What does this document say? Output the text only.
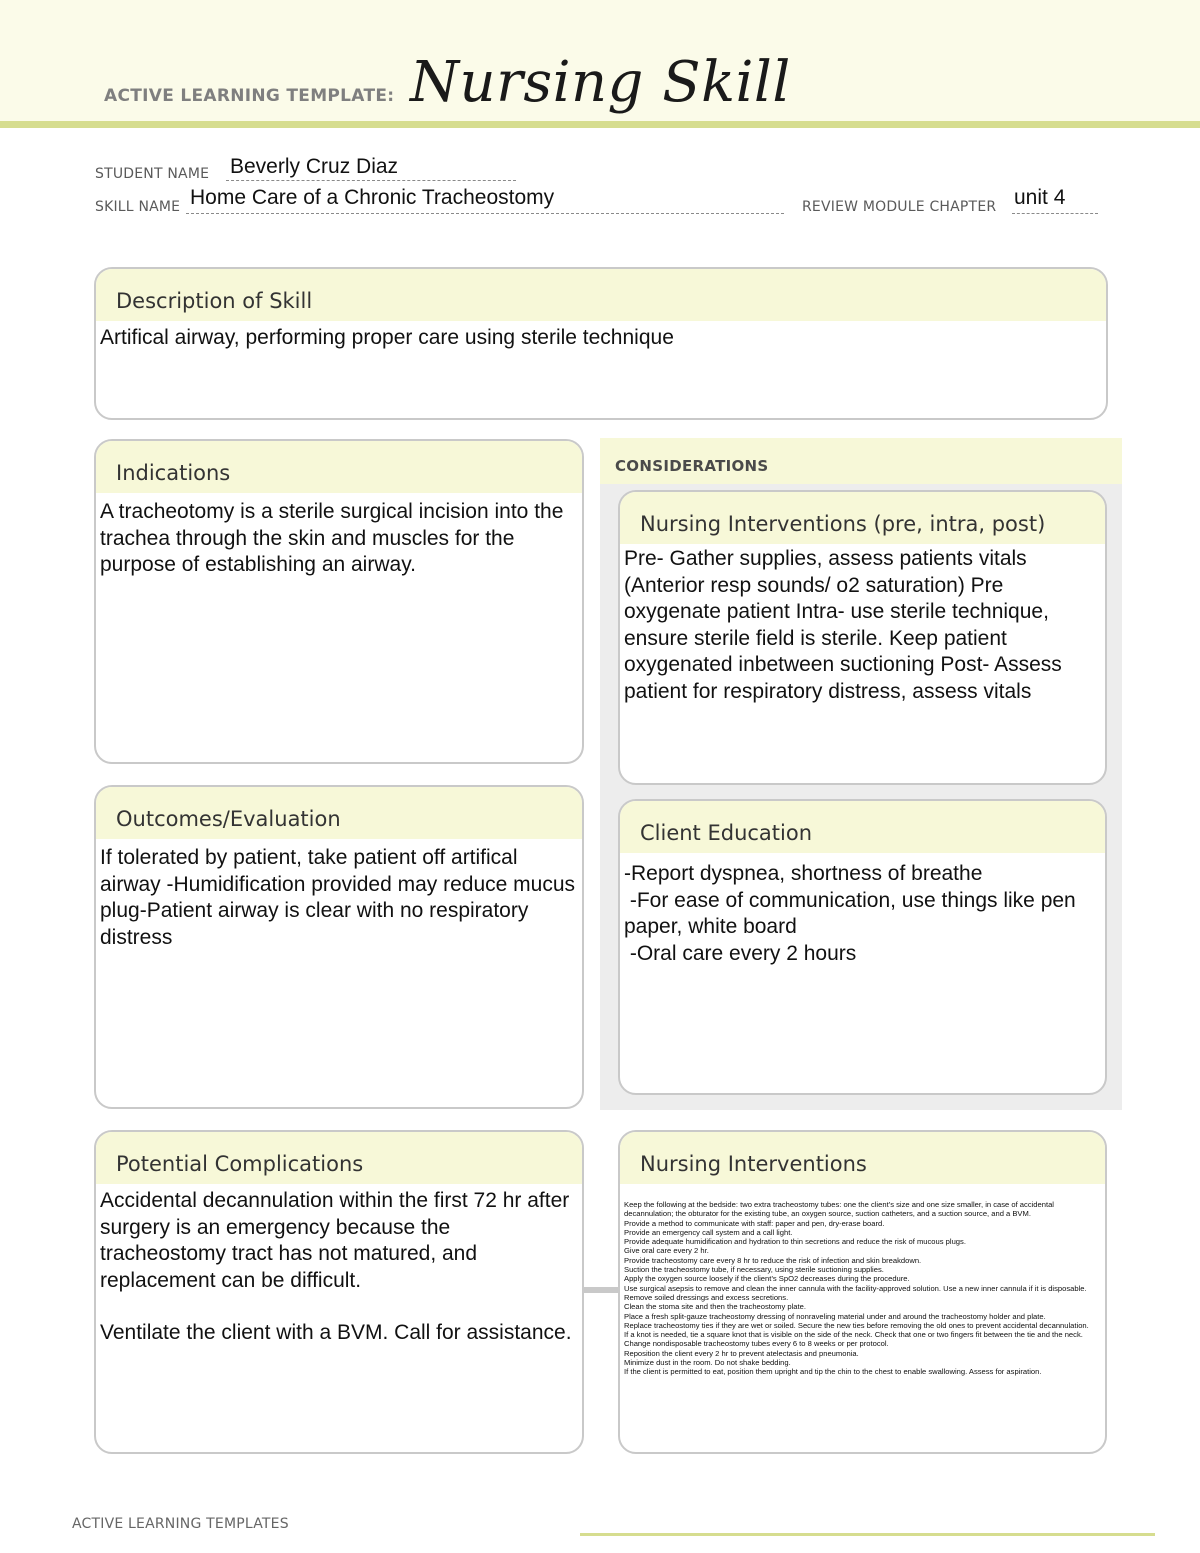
ACTIVE LEARNING TEMPLATE: Nursing Skill
STUDENT NAME Beverly Cruz Diaz
SKILL NAME Home Care of a Chronic Tracheostomy	REVIEW MODULE CHAPTER unit 4
Description of Skill
Artifical airway, performing proper care using sterile technique
CONSIDERATIONS
Indications
A tracheotomy is a sterile surgical incision into the trachea through the skin and muscles for the purpose of establishing an airway.
Nursing Interventions (pre, intra, post)
Pre- Gather supplies, assess patients vitals (Anterior resp sounds/ o2 saturation) Pre oxygenate patient Intra- use sterile technique, ensure sterile field is sterile. Keep patient oxygenated inbetween suctioning Post- Assess patient for respiratory distress, assess vitals
Outcomes/Evaluation
If tolerated by patient, take patient off artifical airway -Humidification provided may reduce mucus plug-Patient airway is clear with no respiratory distress
Client Education
-Report dyspnea, shortness of breathe
-For ease of communication, use things like pen paper, white board
-Oral care every 2 hours
Potential Complications
Accidental decannulation within the first 72 hr after surgery is an emergency because the tracheostomy tract has not matured, and replacement can be difficult.
Ventilate the client with a BVM. Call for assistance.
Nursing Interventions

Keep the following at the bedside: two extra tracheostomy tubes: one the client’s size and one size smaller, in case of accidental decannulation; the obturator for the existing tube, an oxygen source, suction catheters, and a suction source, and a BVM.

Provide a method to communicate with staff: paper and pen, dry-erase board.

Provide an emergency call system and a call light.

Provide adequate humidification and hydration to thin secretions and reduce the risk of mucous plugs.

Give oral care every 2 hr.

Provide tracheostomy care every 8 hr to reduce the risk of infection and skin breakdown.

Suction the tracheostomy tube, if necessary, using sterile suctioning supplies.

Apply the oxygen source loosely if the client’s SpO2 decreases during the procedure.

Use surgical asepsis to remove and clean the inner cannula with the facility-approved solution. Use a new inner cannula if it is disposable.

Remove soiled dressings and excess secretions.

Clean the stoma site and then the tracheostomy plate.

Place a fresh split-gauze tracheostomy dressing of nonraveling material under and around the tracheostomy holder and plate.

Replace tracheostomy ties if they are wet or soiled. Secure the new ties before removing the old ones to prevent accidental decannulation.

If a knot is needed, tie a square knot that is visible on the side of the neck. Check that one or two fingers fit between the tie and the neck.

Change nondisposable tracheostomy tubes every 6 to 8 weeks or per protocol.

Reposition the client every 2 hr to prevent atelectasis and pneumonia.

Minimize dust in the room. Do not shake bedding.

If the client is permitted to eat, position them upright and tip the chin to the chest to enable swallowing. Assess for aspiration.

ACTIVE LEARNING TEMPLATES
